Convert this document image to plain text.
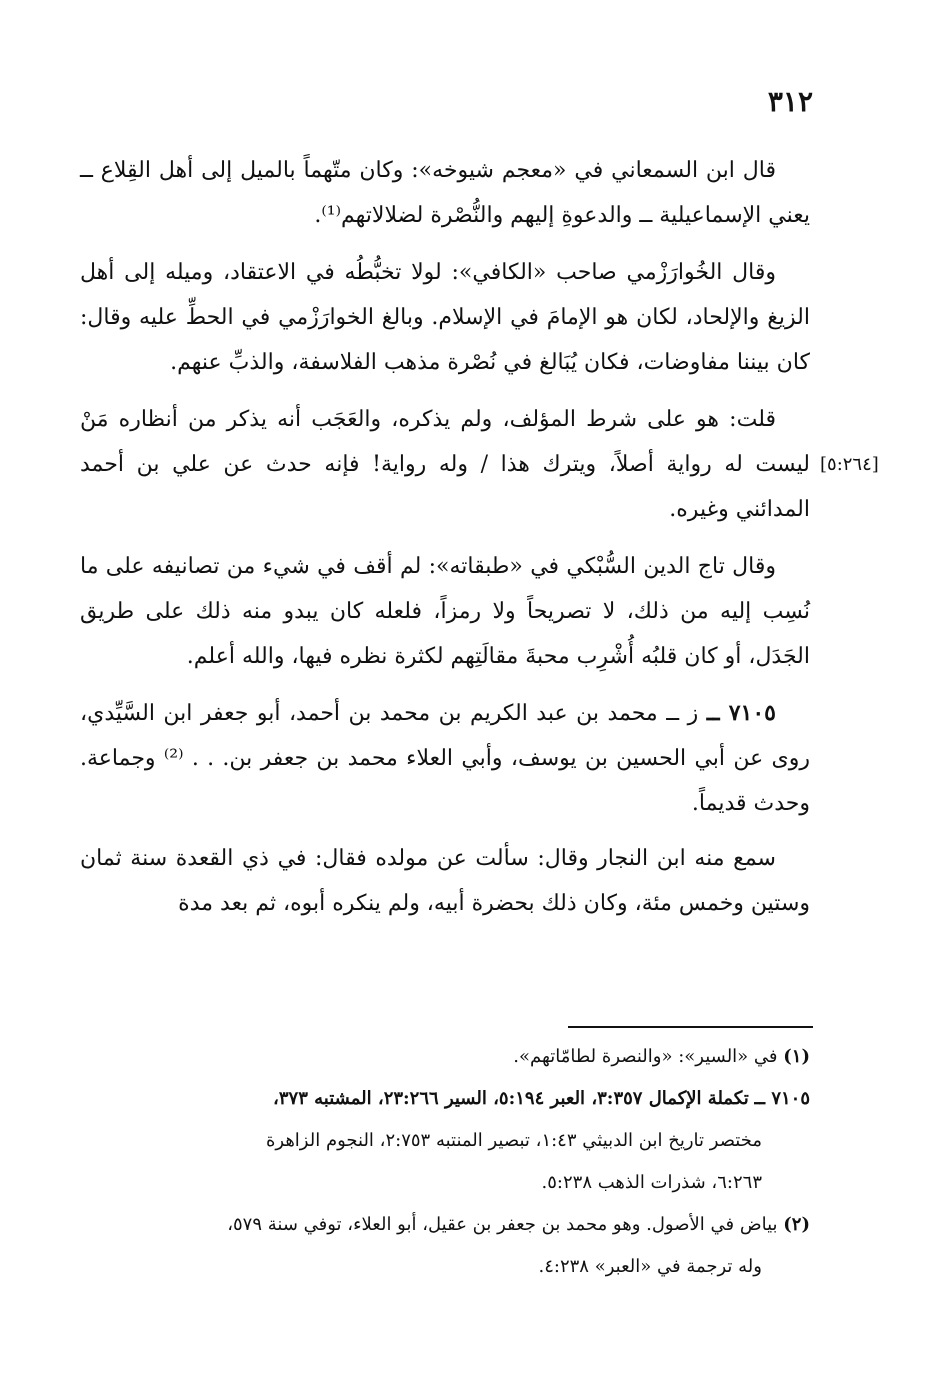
٣١٢

قال ابن السمعاني في «معجم شيوخه»: وكان متّهماً بالميل إلى أهل القِلاع ــ يعني الإسماعيلية ــ والدعوةِ إليهم والنُّصْرة لضلالاتهم⁽¹⁾.

وقال الخُوارَزْمي صاحب «الكافي»: لولا تخبُّطُه في الاعتقاد، وميله إلى أهل الزيغ والإلحاد، لكان هو الإمامَ في الإسلام. وبالغ الخوارَزْمي في الحطِّ عليه وقال: كان بيننا مفاوضات، فكان يُبَالغ في نُصْرة مذهب الفلاسفة، والذبِّ عنهم.

[٥:٢٦٤]

قلت: هو على شرط المؤلف، ولم يذكره، والعَجَب أنه يذكر من أنظاره مَنْ ليست له رواية أصلاً، ويترك هذا / وله رواية! فإنه حدث عن علي بن أحمد المدائني وغيره.

وقال تاج الدين السُّبْكي في «طبقاته»: لم أقف في شيء من تصانيفه على ما نُسِب إليه من ذلك، لا تصريحاً ولا رمزاً، فلعله كان يبدو منه ذلك على طريق الجَدَل، أو كان قلبُه أُشْرِب محبةَ مقالَتِهم لكثرة نظره فيها، والله أعلم.

٧١٠٥ ــ ز ــ محمد بن عبد الكريم بن محمد بن أحمد، أبو جعفر ابن السَّيِّدي، روى عن أبي الحسين بن يوسف، وأبي العلاء محمد بن جعفر بن. . . ⁽²⁾ وجماعة. وحدث قديماً.

سمع منه ابن النجار وقال: سألت عن مولده فقال: في ذي القعدة سنة ثمان وستين وخمس مئة، وكان ذلك بحضرة أبيه، ولم ينكره أبوه، ثم بعد مدة

(١) في «السير»: «والنصرة لطامّاتهم».

٧١٠٥ ــ تكملة الإكمال ٣:٣٥٧، العبر ٥:١٩٤، السير ٢٣:٢٦٦، المشتبه ٣٧٣،

مختصر تاريخ ابن الدبيثي ١:٤٣، تبصير المنتبه ٢:٧٥٣، النجوم الزاهرة

٦:٢٦٣، شذرات الذهب ٥:٢٣٨.

(٢) بياض في الأصول. وهو محمد بن جعفر بن عقيل، أبو العلاء، توفي سنة ٥٧٩،

وله ترجمة في «العبر» ٤:٢٣٨.
